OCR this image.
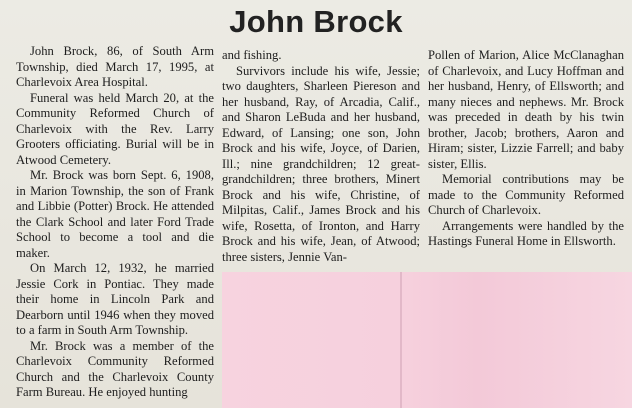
John Brock

John Brock, 86, of South Arm Township, died March 17, 1995, at Charlevoix Area Hospital.

Funeral was held March 20, at the Community Reformed Church of Charlevoix with the Rev. Larry Grooters officiating. Burial will be in Atwood Cemetery.

Mr. Brock was born Sept. 6, 1908, in Marion Township, the son of Frank and Libbie (Potter) Brock. He attended the Clark School and later Ford Trade School to become a tool and die maker.

On March 12, 1932, he married Jessie Cork in Pontiac. They made their home in Lincoln Park and Dearborn until 1946 when they moved to a farm in South Arm Township.

Mr. Brock was a member of the Charlevoix Community Reformed Church and the Charlevoix County Farm Bureau. He enjoyed hunting

and fishing.

Survivors include his wife, Jessie; two daughters, Sharleen Piereson and her husband, Ray, of Arcadia, Calif., and Sharon LeBuda and her husband, Edward, of Lansing; one son, John Brock and his wife, Joyce, of Darien, Ill.; nine grandchildren; 12 great-grandchildren; three brothers, Minert Brock and his wife, Christine, of Milpitas, Calif., James Brock and his wife, Rosetta, of Ironton, and Harry Brock and his wife, Jean, of Atwood; three sisters, Jennie Van-

Pollen of Marion, Alice McClanaghan of Charlevoix, and Lucy Hoffman and her husband, Henry, of Ellsworth; and many nieces and nephews. Mr. Brock was preceded in death by his twin brother, Jacob; brothers, Aaron and Hiram; sister, Lizzie Farrell; and baby sister, Ellis.

Memorial contributions may be made to the Community Reformed Church of Charlevoix.

Arrangements were handled by the Hastings Funeral Home in Ellsworth.
